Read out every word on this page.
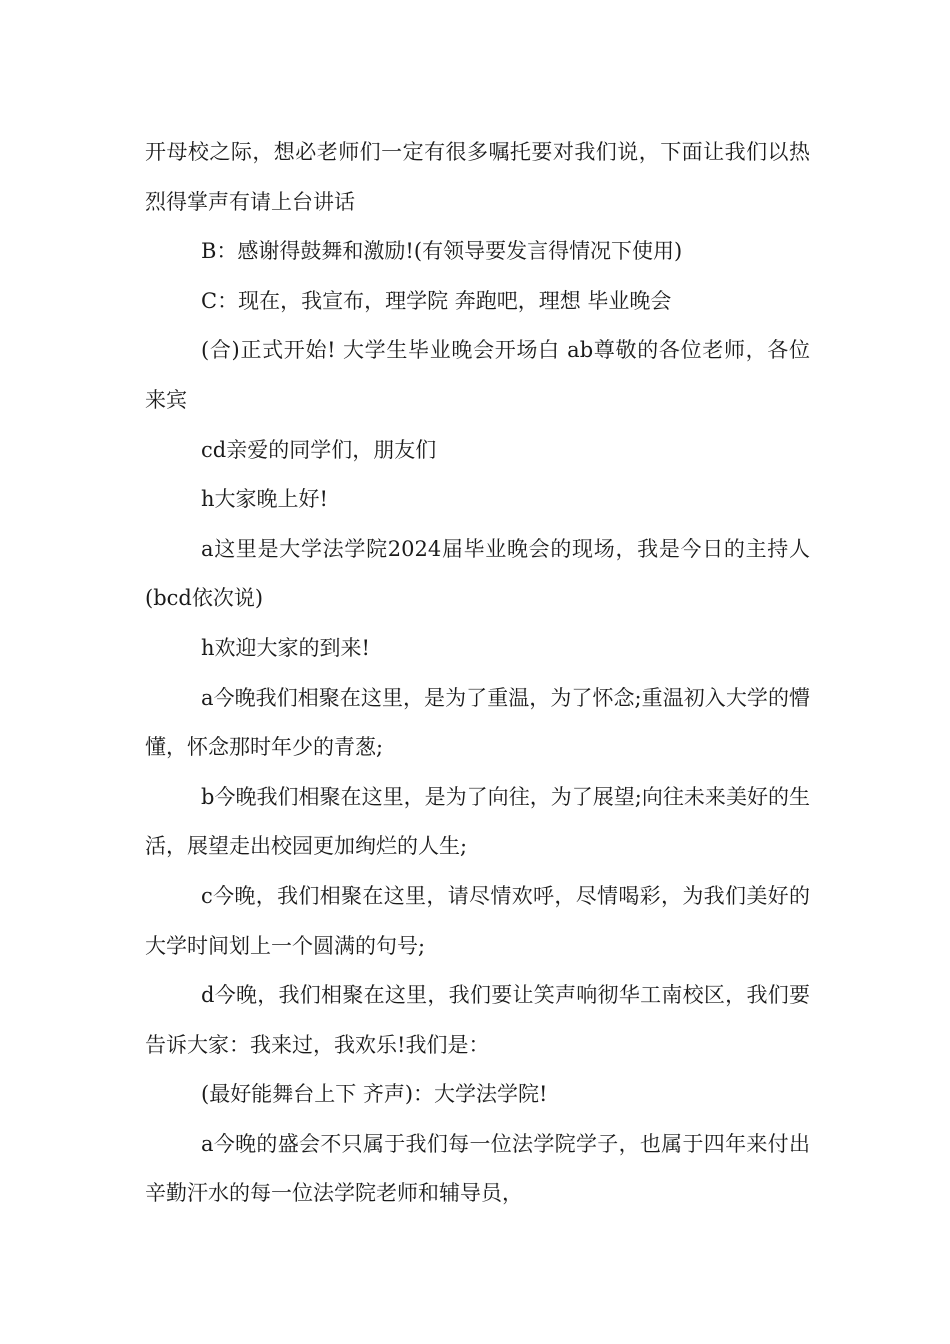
开母校之际，想必老师们一定有很多嘱托要对我们说，下面让我们以热烈得掌声有请上台讲话

B：感谢得鼓舞和激励!(有领导要发言得情况下使用)

C：现在，我宣布，理学院 奔跑吧，理想 毕业晚会

(合)正式开始! 大学生毕业晚会开场白 ab尊敬的各位老师，各位来宾

cd亲爱的同学们，朋友们

h大家晚上好!

a这里是大学法学院2024届毕业晚会的现场，我是今日的主持人(bcd依次说)

h欢迎大家的到来!

a今晚我们相聚在这里，是为了重温，为了怀念;重温初入大学的懵懂，怀念那时年少的青葱;

b今晚我们相聚在这里，是为了向往，为了展望;向往未来美好的生活，展望走出校园更加绚烂的人生;

c今晚，我们相聚在这里，请尽情欢呼，尽情喝彩，为我们美好的大学时间划上一个圆满的句号;

d今晚，我们相聚在这里，我们要让笑声响彻华工南校区，我们要告诉大家：我来过，我欢乐!我们是：

(最好能舞台上下 齐声)：大学法学院!

a今晚的盛会不只属于我们每一位法学院学子，也属于四年来付出辛勤汗水的每一位法学院老师和辅导员，
